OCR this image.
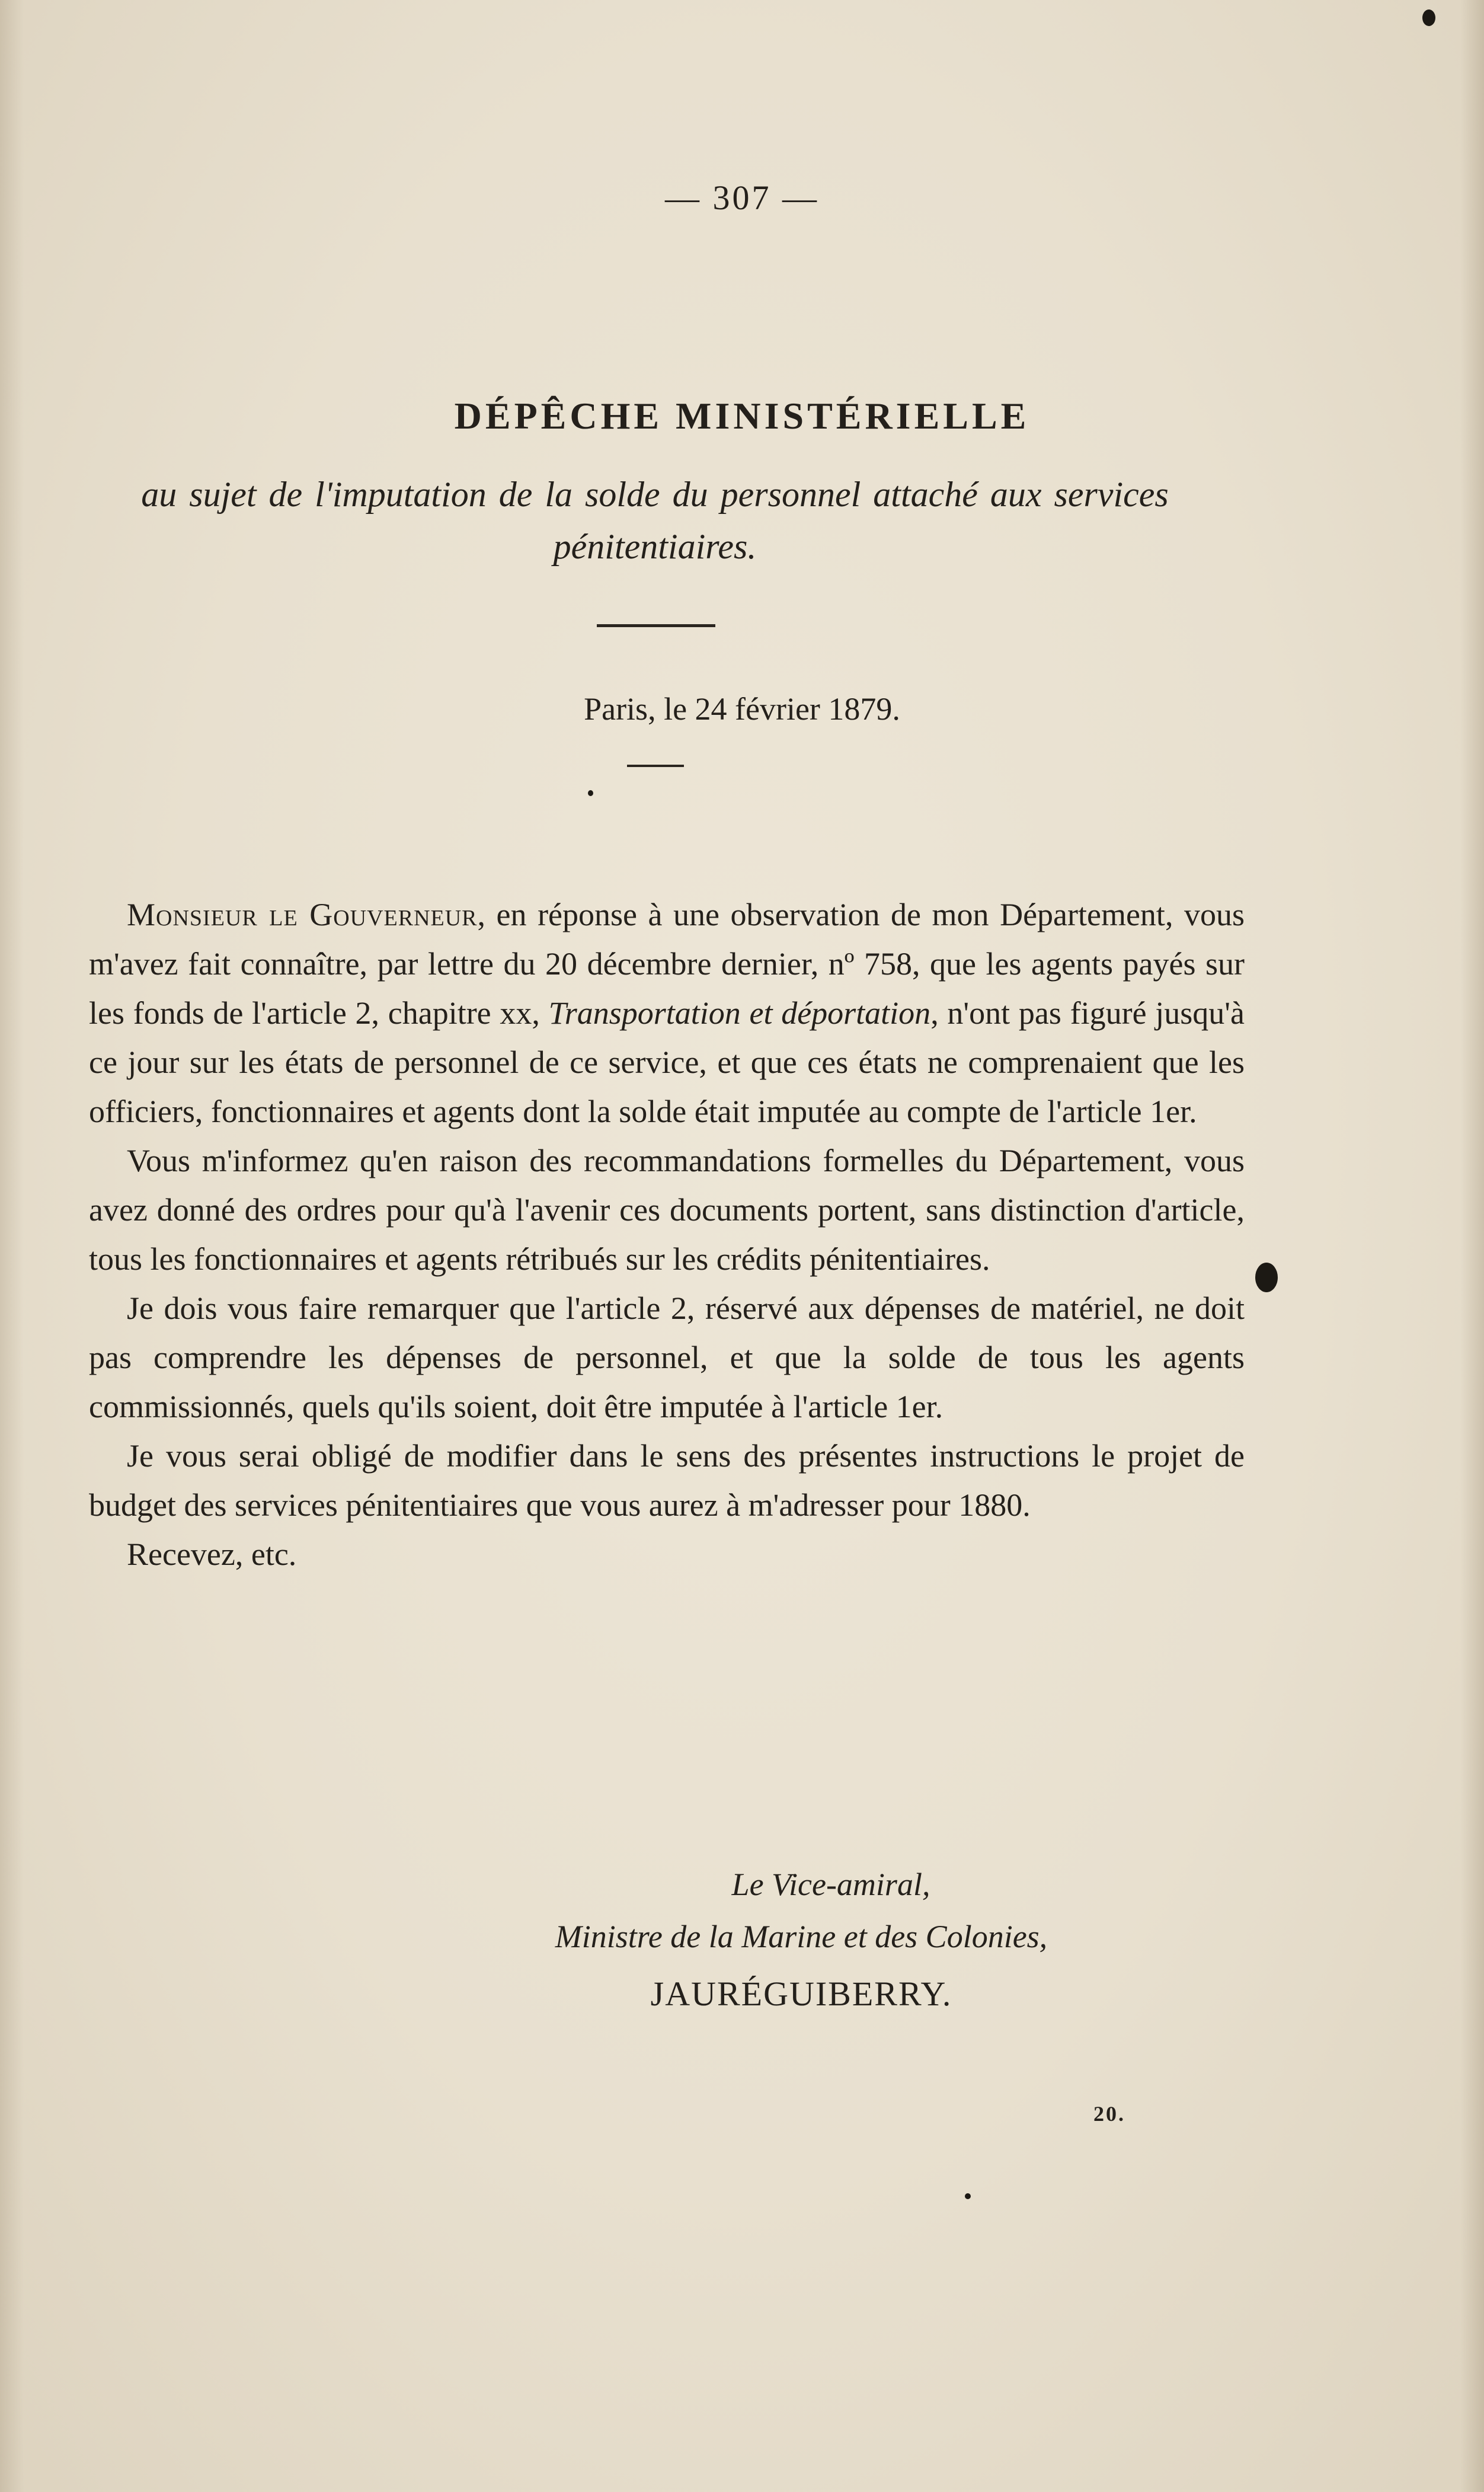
— 307 —
DÉPÊCHE MINISTÉRIELLE
au sujet de l'imputation de la solde du personnel attaché aux services pénitentiaires.
Paris, le 24 février 1879.

Monsieur le Gouverneur, en réponse à une observation de mon Département, vous m'avez fait connaître, par lettre du 20 décembre dernier, nº 758, que les agents payés sur les fonds de l'article 2, chapitre xx, Transportation et déportation, n'ont pas figuré jusqu'à ce jour sur les états de personnel de ce service, et que ces états ne comprenaient que les officiers, fonctionnaires et agents dont la solde était imputée au compte de l'article 1er.

Vous m'informez qu'en raison des recommandations formelles du Département, vous avez donné des ordres pour qu'à l'avenir ces documents portent, sans distinction d'article, tous les fonctionnaires et agents rétribués sur les crédits pénitentiaires.

Je dois vous faire remarquer que l'article 2, réservé aux dépenses de matériel, ne doit pas comprendre les dépenses de personnel, et que la solde de tous les agents commissionnés, quels qu'ils soient, doit être imputée à l'article 1er.

Je vous serai obligé de modifier dans le sens des présentes instructions le projet de budget des services pénitentiaires que vous aurez à m'adresser pour 1880.

Recevez, etc.

Le Vice-amiral,
Ministre de la Marine et des Colonies,
JAURÉGUIBERRY.
20.
